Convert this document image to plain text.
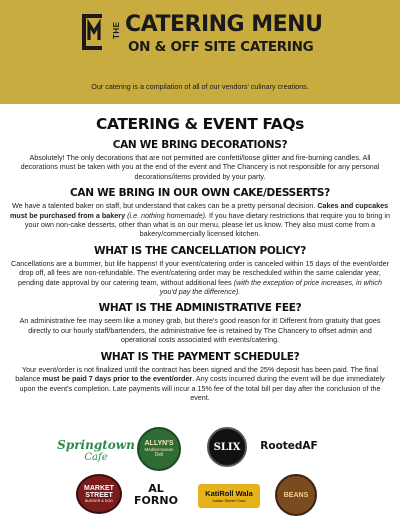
THE CATERING MENU
ON & OFF SITE CATERING
Our catering is a compilation of all of our vendors' culinary creations.
CATERING & EVENT FAQs
CAN WE BRING DECORATIONS?
Absolutely! The only decorations that are not permitted are confetti/loose glitter and fire-burning candles. All decorations must be taken with you at the end of the event and The Chancery is not responsible for any personal decorations/items provided by your party.
CAN WE BRING IN OUR OWN CAKE/DESSERTS?
We have a talented baker on staff, but understand that cakes can be a pretty personal decision. Cakes and cupcakes must be purchased from a bakery (i.e. nothing homemade). If you have dietary restrictions that require you to bring in your own non-cake desserts, other than what is on our menu, please let us know. They also must come from a bakery/commercially licensed kitchen.
WHAT IS THE CANCELLATION POLICY?
Cancellations are a bummer, but life happens! If your event/catering order is canceled within 15 days of the event/order drop off, all fees are non-refundable. The event/catering order may be rescheduled within the same calendar year, pending date approval by our catering team, without additional fees (with the exception of price increases, in which you'd pay the difference).
WHAT IS THE ADMINISTRATIVE FEE?
An administrative fee may seem like a money grab, but there's good reason for it! Different from gratuity that goes directly to our hourly staff/bartenders, the administrative fee is retained by The Chancery to offset admin and operational costs associated with events/catering.
WHAT IS THE PAYMENT SCHEDULE?
Your event/order is not finalized until the contract has been signed and the 25% deposit has been paid. The final balance must be paid 7 days prior to the event/order. Any costs incurred during the event will be due immediately upon the event's completion. Late payments will incur a 15% fee of the total bill per day after the conclusion of the event.
Springtown
Cafe
ALLYN'S
Mediterranean
Deli
SLIX RootedAF
MARKET
STREET
BURGER & DOG
AL
FORNO
KatiRoll Wala
Indian Street Food
BEANS
